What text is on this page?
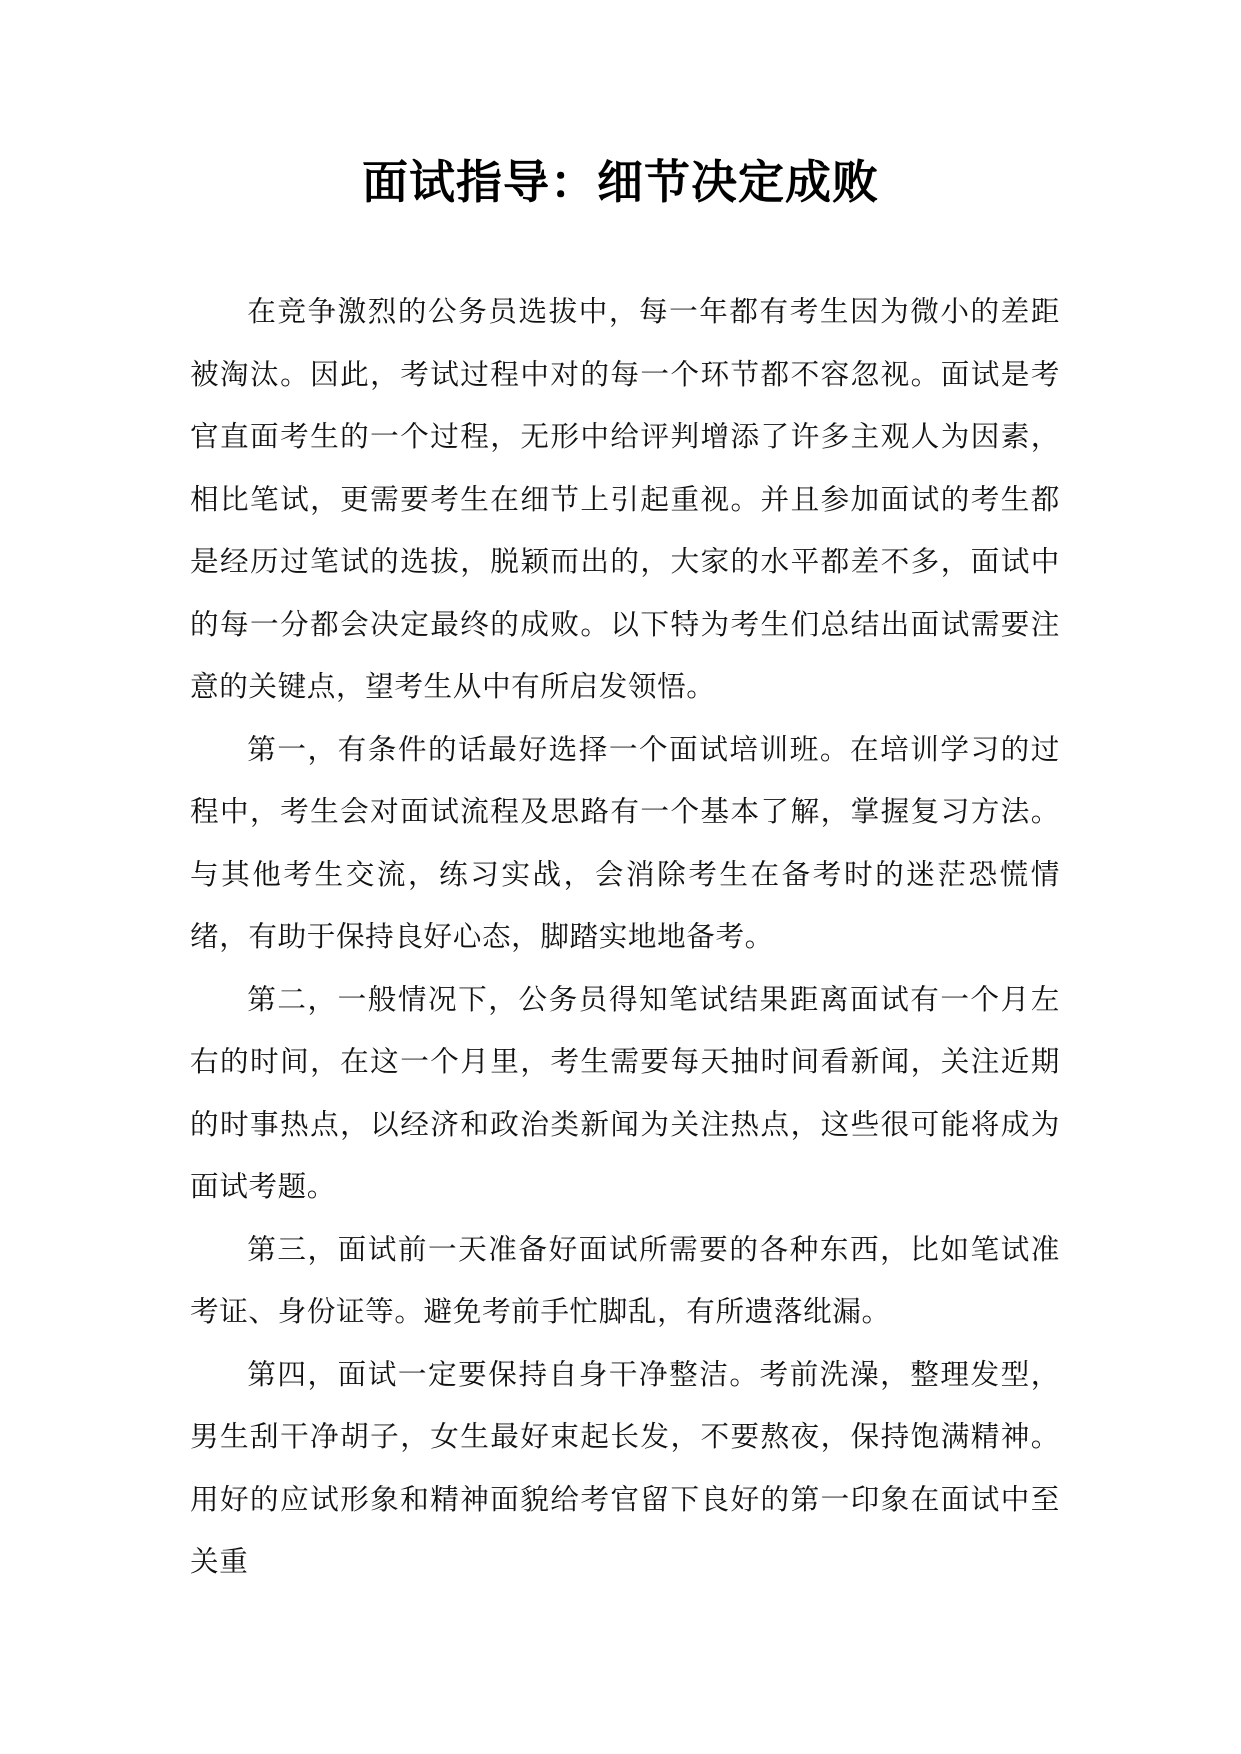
面试指导：细节决定成败

在竞争激烈的公务员选拔中，每一年都有考生因为微小的差距被淘汰。因此，考试过程中对的每一个环节都不容忽视。面试是考官直面考生的一个过程，无形中给评判增添了许多主观人为因素，相比笔试，更需要考生在细节上引起重视。并且参加面试的考生都是经历过笔试的选拔，脱颖而出的，大家的水平都差不多，面试中的每一分都会决定最终的成败。以下特为考生们总结出面试需要注意的关键点，望考生从中有所启发领悟。

第一，有条件的话最好选择一个面试培训班。在培训学习的过程中，考生会对面试流程及思路有一个基本了解，掌握复习方法。与其他考生交流，练习实战，会消除考生在备考时的迷茫恐慌情绪，有助于保持良好心态，脚踏实地地备考。

第二，一般情况下，公务员得知笔试结果距离面试有一个月左右的时间，在这一个月里，考生需要每天抽时间看新闻，关注近期的时事热点，以经济和政治类新闻为关注热点，这些很可能将成为面试考题。

第三，面试前一天准备好面试所需要的各种东西，比如笔试准考证、身份证等。避免考前手忙脚乱，有所遗落纰漏。

第四，面试一定要保持自身干净整洁。考前洗澡，整理发型，男生刮干净胡子，女生最好束起长发，不要熬夜，保持饱满精神。用好的应试形象和精神面貌给考官留下良好的第一印象在面试中至关重
